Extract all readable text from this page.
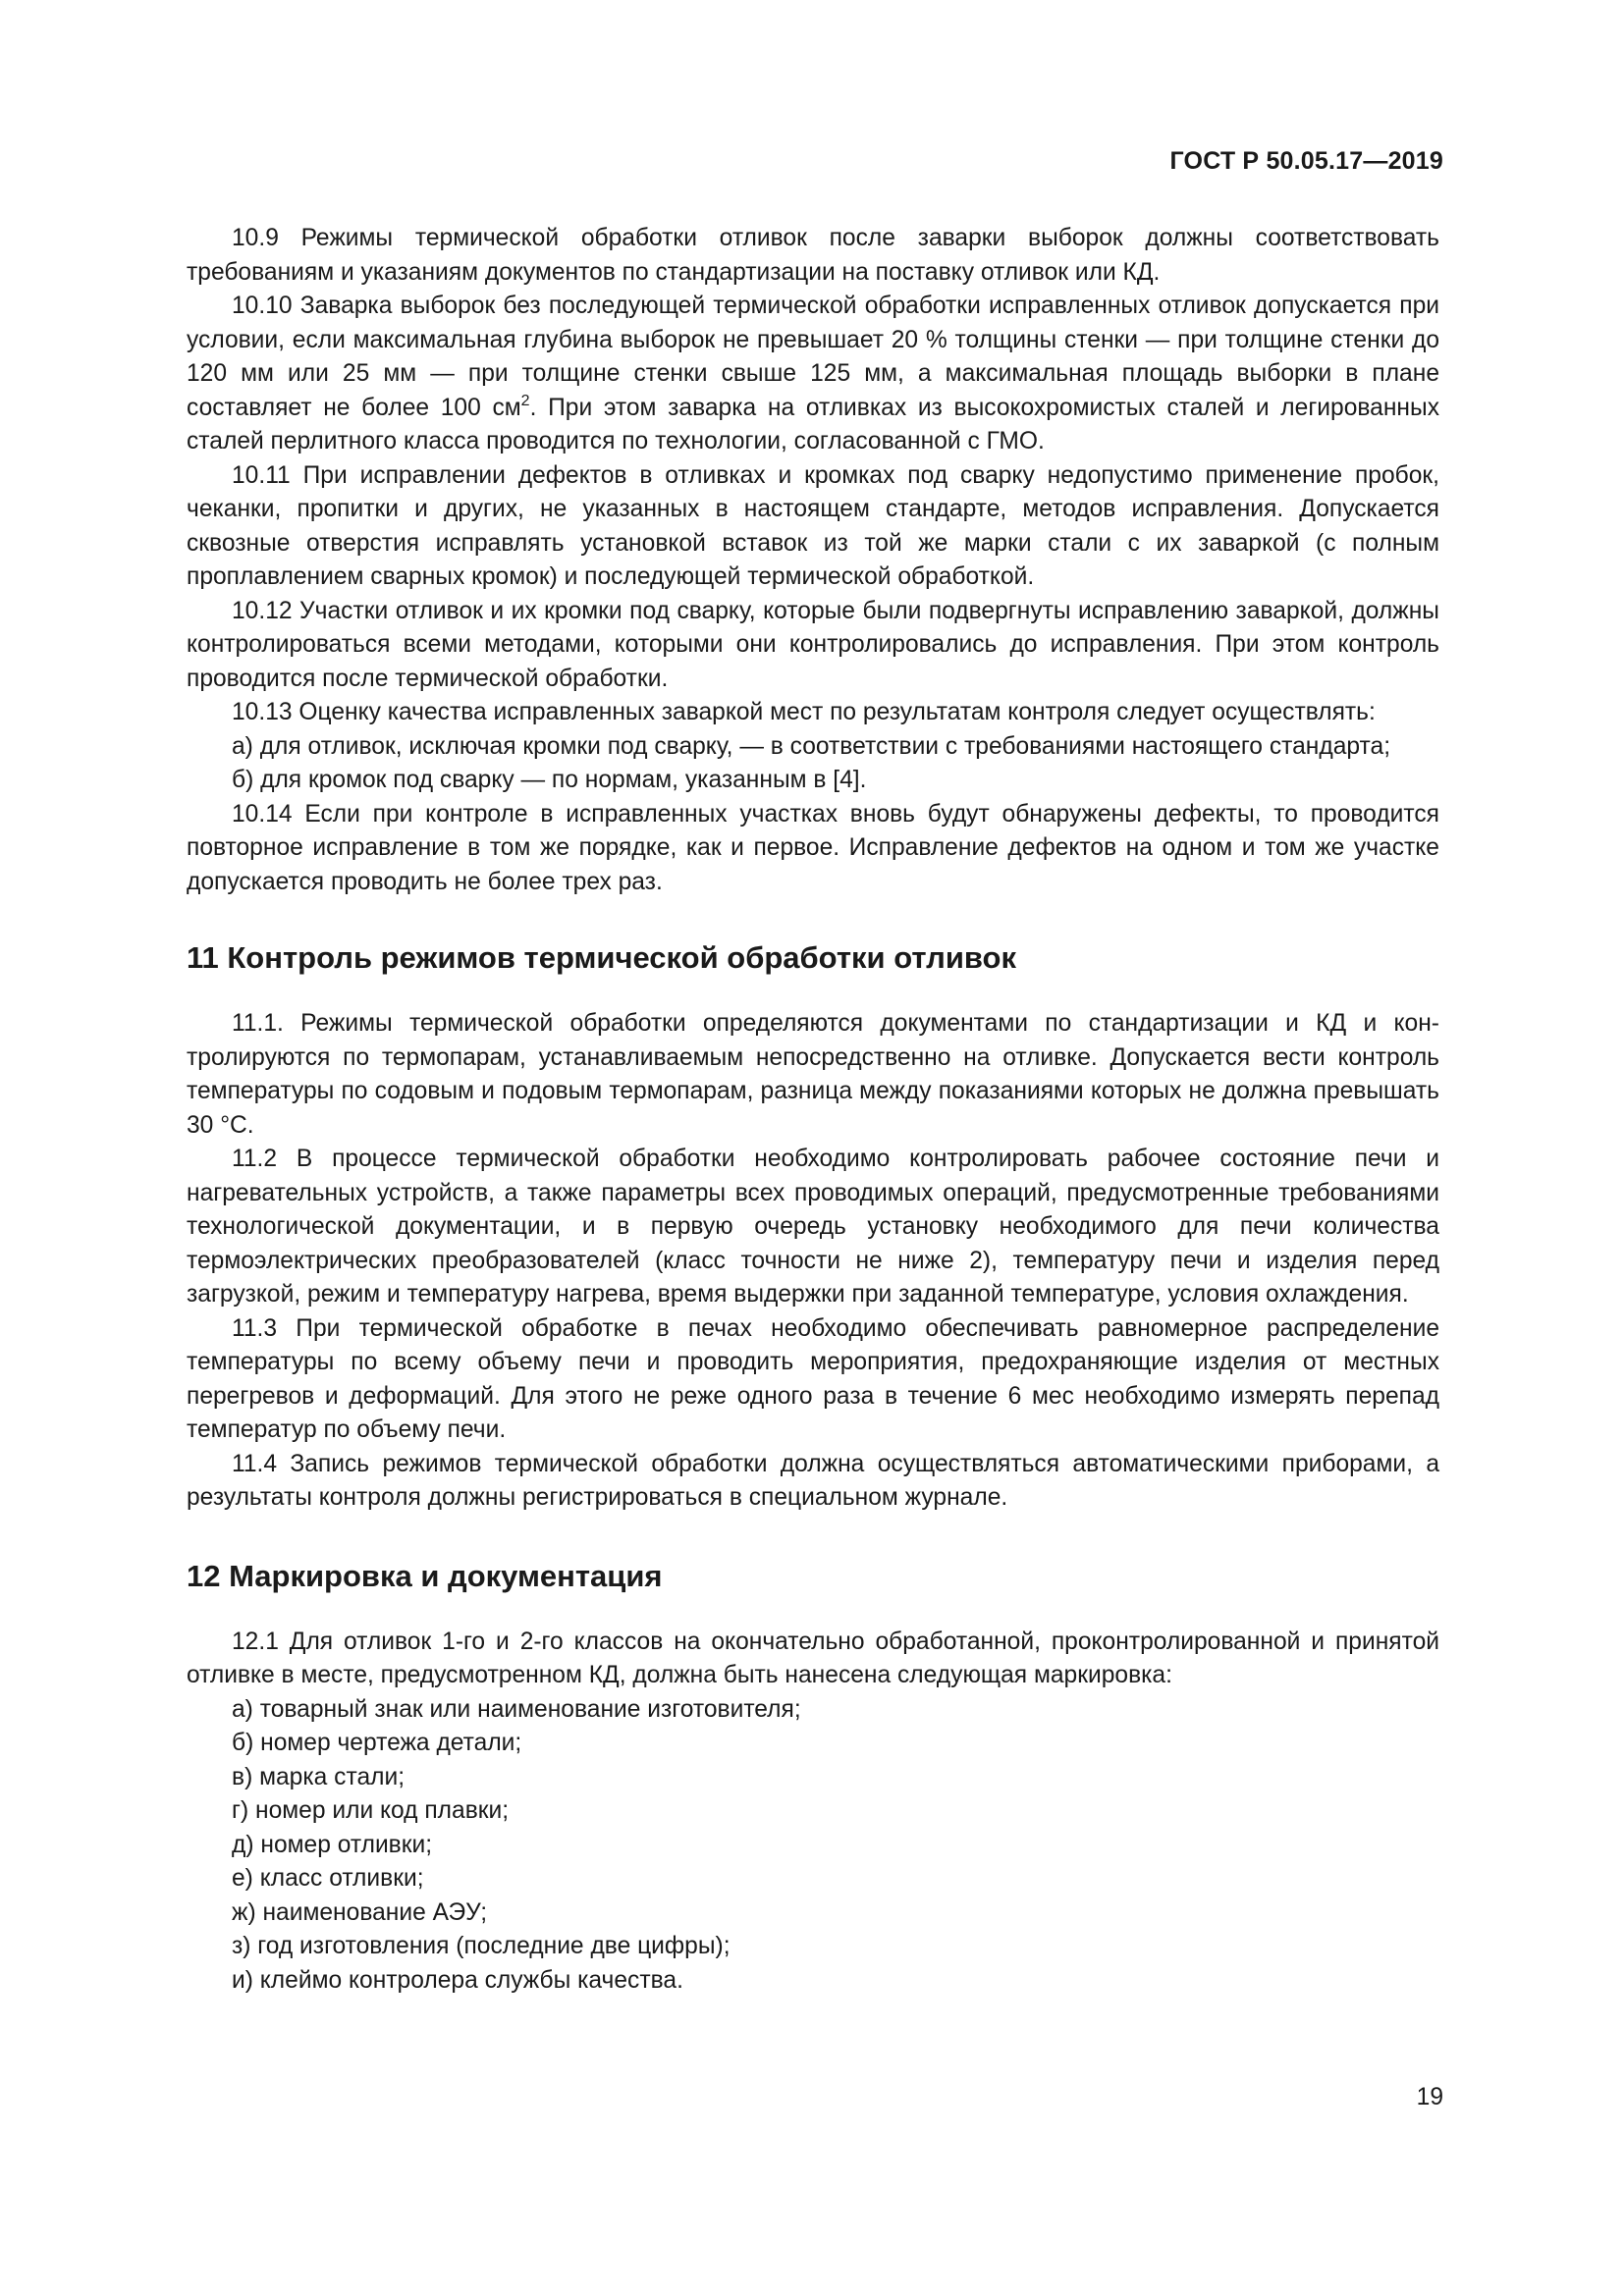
ГОСТ Р 50.05.17—2019

10.9 Режимы термической обработки отливок после заварки выборок должны соответствовать требованиям и указаниям документов по стандартизации на поставку отливок или КД.

10.10 Заварка выборок без последующей термической обработки исправленных отливок допускается при условии, если максимальная глубина выборок не превышает 20 % толщины стенки — при толщине стенки до 120 мм или 25 мм — при толщине стенки свыше 125 мм, а максимальная площадь выборки в плане составляет не более 100 $см^2$. При этом заварка на отливках из высокохромистых сталей и легированных сталей перлитного класса проводится по технологии, согласованной с ГМО.

10.11 При исправлении дефектов в отливках и кромках под сварку недопустимо применение пробок, чеканки, пропитки и других, не указанных в настоящем стандарте, методов исправления. Допускается сквозные отверстия исправлять установкой вставок из той же марки стали с их заваркой (с полным проплавлением сварных кромок) и последующей термической обработкой.

10.12 Участки отливок и их кромки под сварку, которые были подвергнуты исправлению заваркой, должны контролироваться всеми методами, которыми они контролировались до исправления. При этом контроль проводится после термической обработки.

10.13 Оценку качества исправленных заваркой мест по результатам контроля следует осуществлять:

а) для отливок, исключая кромки под сварку, — в соответствии с требованиями настоящего стандарта;

б) для кромок под сварку — по нормам, указанным в [4].

10.14 Если при контроле в исправленных участках вновь будут обнаружены дефекты, то проводится повторное исправление в том же порядке, как и первое. Исправление дефектов на одном и том же участке допускается проводить не более трех раз.

11 Контроль режимов термической обработки отливок

11.1. Режимы термической обработки определяются документами по стандартизации и КД и контролируются по термопарам, устанавливаемым непосредственно на отливке. Допускается вести контроль температуры по содовым и подовым термопарам, разница между показаниями которых не должна превышать 30 °С.

11.2 В процессе термической обработки необходимо контролировать рабочее состояние печи и нагревательных устройств, а также параметры всех проводимых операций, предусмотренные требованиями технологической документации, и в первую очередь установку необходимого для печи количества термоэлектрических преобразователей (класс точности не ниже 2), температуру печи и изделия перед загрузкой, режим и температуру нагрева, время выдержки при заданной температуре, условия охлаждения.

11.3 При термической обработке в печах необходимо обеспечивать равномерное распределение температуры по всему объему печи и проводить мероприятия, предохраняющие изделия от местных перегревов и деформаций. Для этого не реже одного раза в течение 6 мес необходимо измерять перепад температур по объему печи.

11.4 Запись режимов термической обработки должна осуществляться автоматическими приборами, а результаты контроля должны регистрироваться в специальном журнале.

12 Маркировка и документация

12.1 Для отливок 1-го и 2-го классов на окончательно обработанной, проконтролированной и принятой отливке в месте, предусмотренном КД, должна быть нанесена следующая маркировка:

а) товарный знак или наименование изготовителя;

б) номер чертежа детали;

в) марка стали;

г) номер или код плавки;

д) номер отливки;

е) класс отливки;

ж) наименование АЭУ;

з) год изготовления (последние две цифры);

и) клеймо контролера службы качества.

19
